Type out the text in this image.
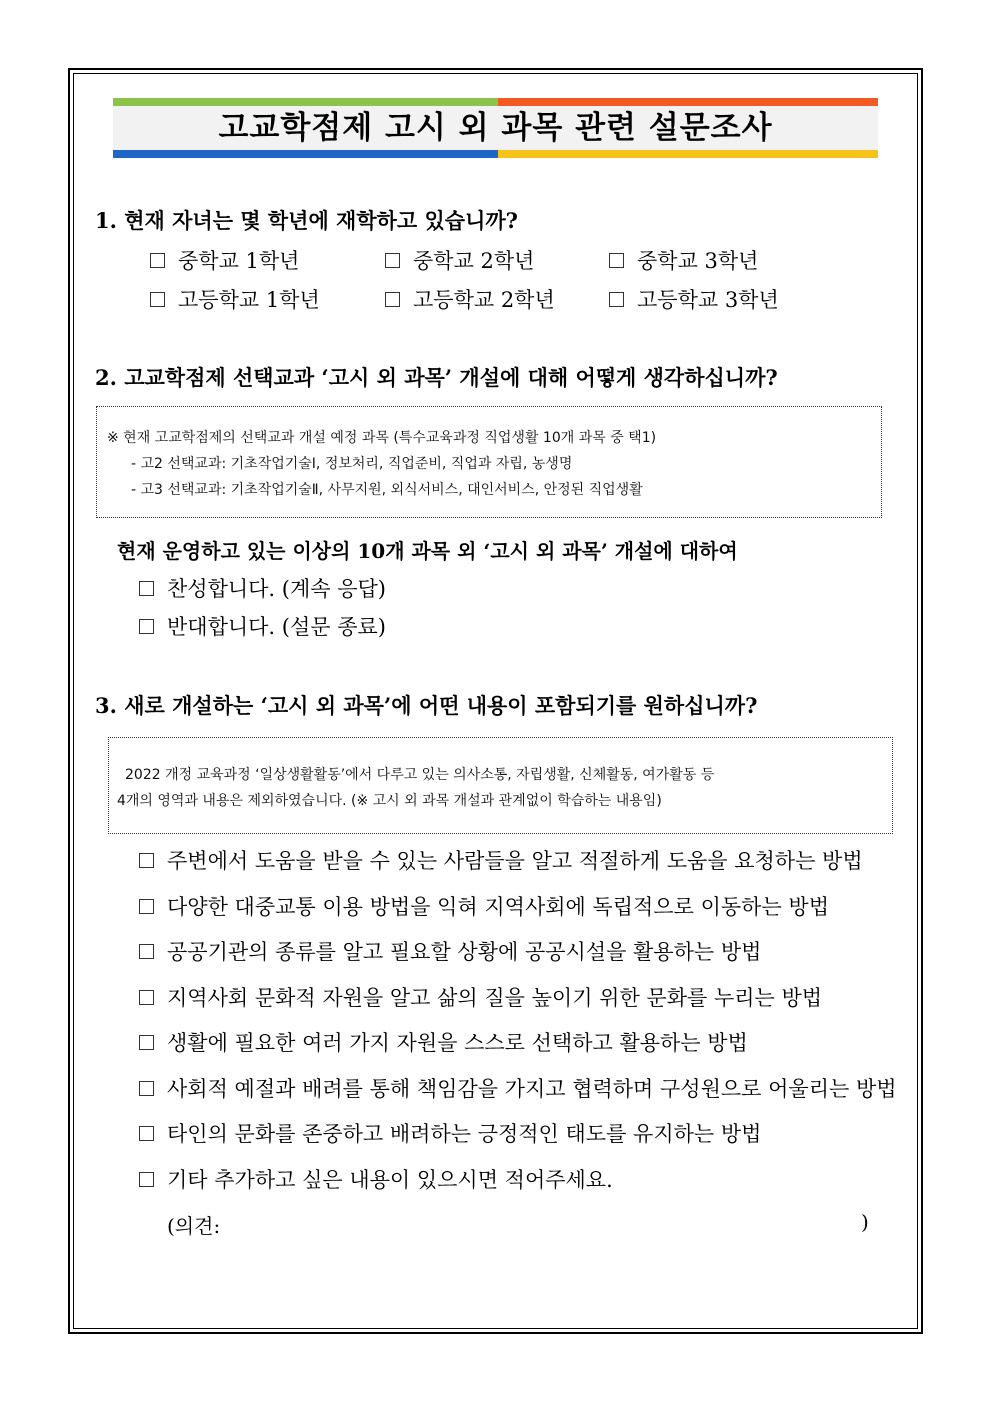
고교학점제 고시 외 과목 관련 설문조사
1. 현재 자녀는 몇 학년에 재학하고 있습니까?
중학교 1학년	중학교 2학년	중학교 3학년
고등학교 1학년	고등학교 2학년	고등학교 3학년
2. 고교학점제 선택교과 ‘고시 외 과목’ 개설에 대해 어떻게 생각하십니까?
※ 현재 고교학점제의 선택교과 개설 예정 과목 (특수교육과정 직업생활 10개 과목 중 택1)
- 고2 선택교과: 기초작업기술Ⅰ, 정보처리, 직업준비, 직업과 자립, 농생명
- 고3 선택교과: 기초작업기술Ⅱ, 사무지원, 외식서비스, 대인서비스, 안정된 직업생활
현재 운영하고 있는 이상의 10개 과목 외 ‘고시 외 과목’ 개설에 대하여
찬성합니다. (계속 응답)
반대합니다. (설문 종료)
3. 새로 개설하는 ‘고시 외 과목’에 어떤 내용이 포함되기를 원하십니까?
2022 개정 교육과정 ‘일상생활활동’에서 다루고 있는 의사소통, 자립생활, 신체활동, 여가활동 등
4개의 영역과 내용은 제외하였습니다. (※ 고시 외 과목 개설과 관계없이 학습하는 내용임)
주변에서 도움을 받을 수 있는 사람들을 알고 적절하게 도움을 요청하는 방법
다양한 대중교통 이용 방법을 익혀 지역사회에 독립적으로 이동하는 방법
공공기관의 종류를 알고 필요할 상황에 공공시설을 활용하는 방법
지역사회 문화적 자원을 알고 삶의 질을 높이기 위한 문화를 누리는 방법
생활에 필요한 여러 가지 자원을 스스로 선택하고 활용하는 방법
사회적 예절과 배려를 통해 책임감을 가지고 협력하며 구성원으로 어울리는 방법
타인의 문화를 존중하고 배려하는 긍정적인 태도를 유지하는 방법
기타 추가하고 싶은 내용이 있으시면 적어주세요.
(의견:	)
